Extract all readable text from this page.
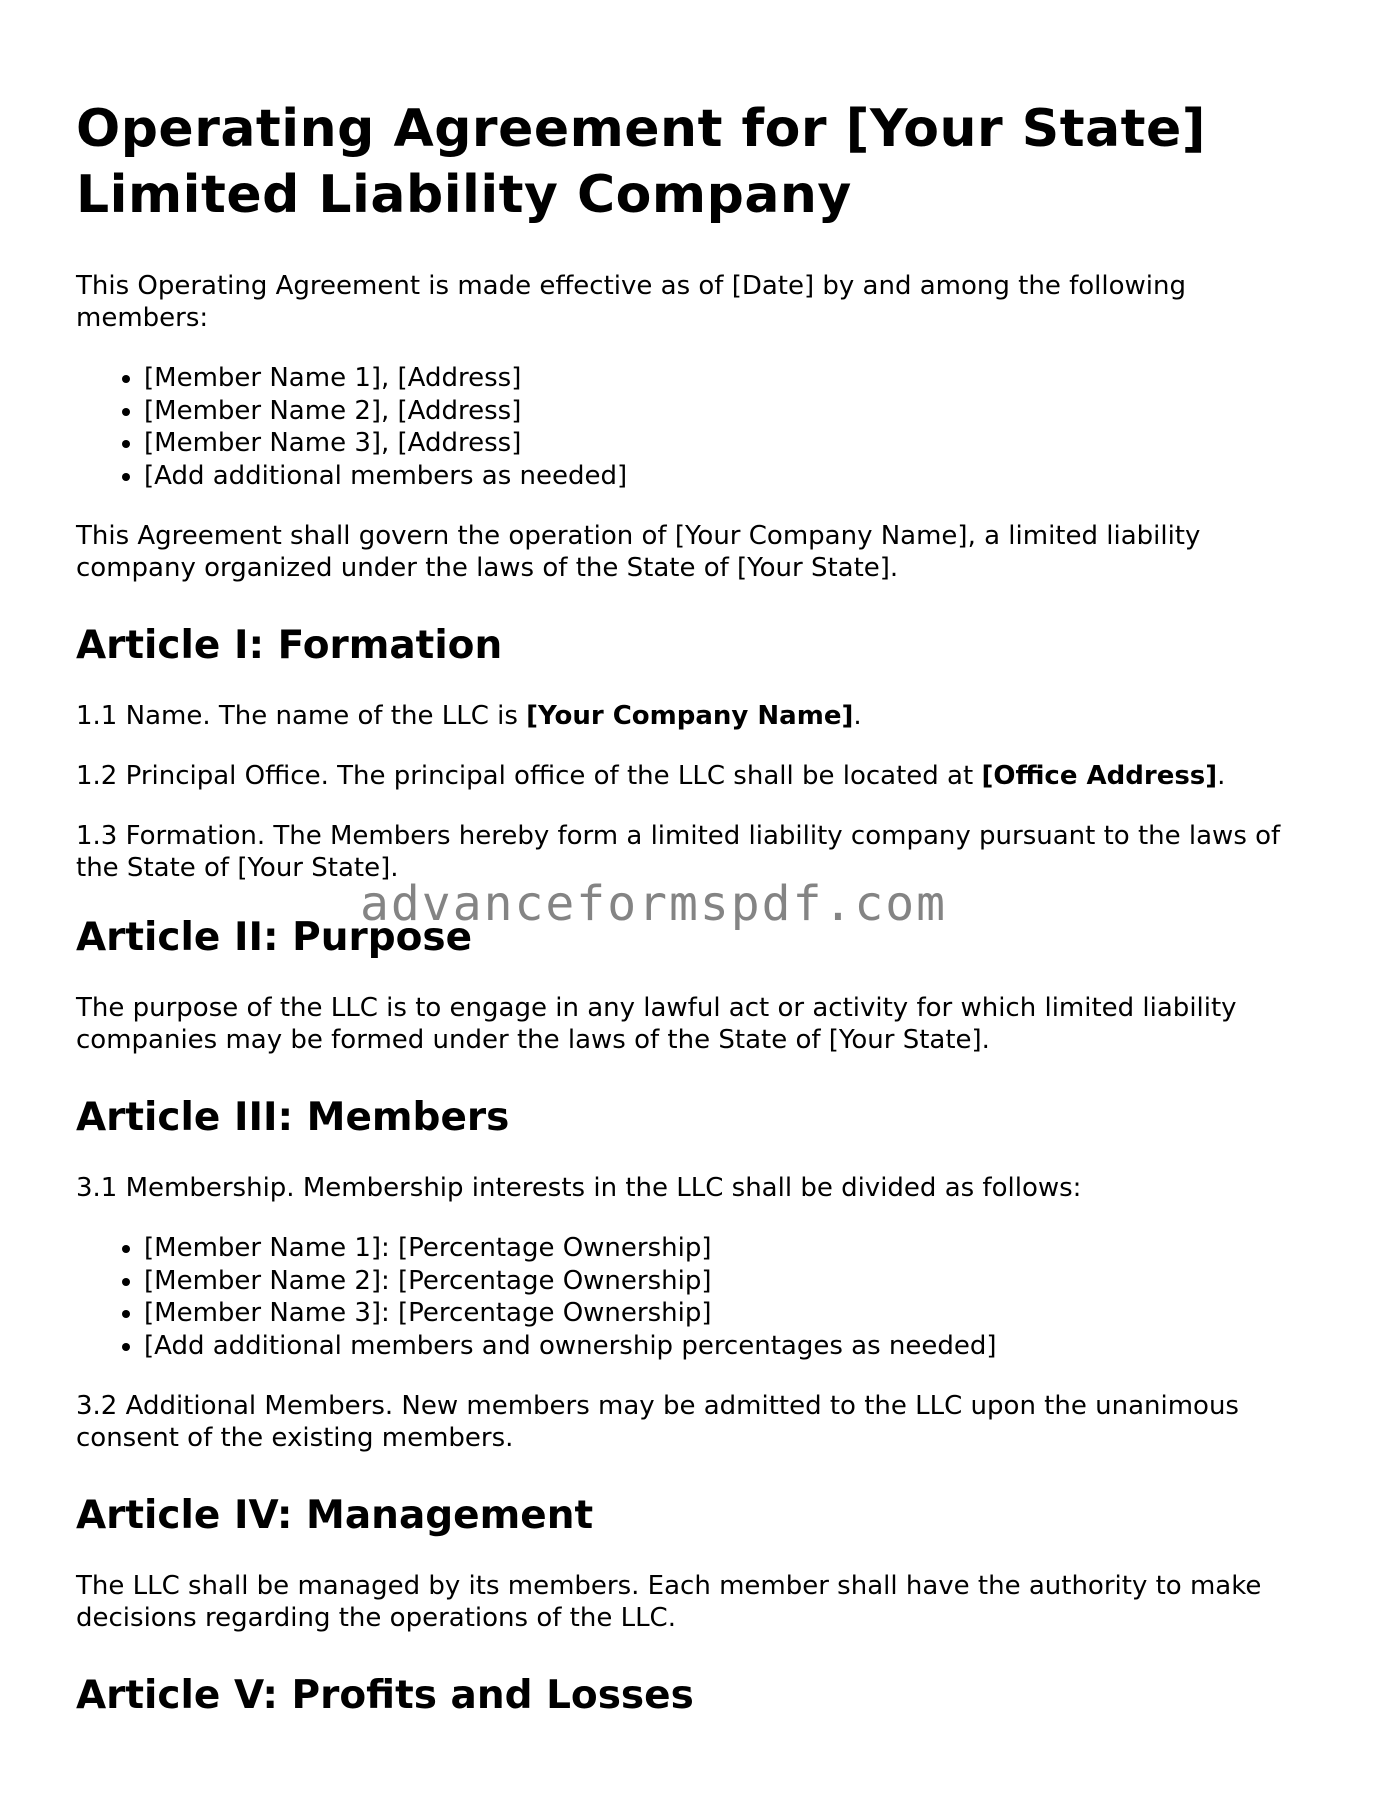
Operating Agreement for [Your State] Limited Liability Company

This Operating Agreement is made effective as of [Date] by and among the following members:

• [Member Name 1], [Address]
• [Member Name 2], [Address]
• [Member Name 3], [Address]
• [Add additional members as needed]

This Agreement shall govern the operation of [Your Company Name], a limited liability company organized under the laws of the State of [Your State].

Article I: Formation

1.1 Name. The name of the LLC is [Your Company Name].

1.2 Principal Office. The principal office of the LLC shall be located at [Office Address].

1.3 Formation. The Members hereby form a limited liability company pursuant to the laws of the State of [Your State].

Article II: Purpose

The purpose of the LLC is to engage in any lawful act or activity for which limited liability companies may be formed under the laws of the State of [Your State].

Article III: Members

3.1 Membership. Membership interests in the LLC shall be divided as follows:

• [Member Name 1]: [Percentage Ownership]
• [Member Name 2]: [Percentage Ownership]
• [Member Name 3]: [Percentage Ownership]
• [Add additional members and ownership percentages as needed]

3.2 Additional Members. New members may be admitted to the LLC upon the unanimous consent of the existing members.

Article IV: Management

The LLC shall be managed by its members. Each member shall have the authority to make decisions regarding the operations of the LLC.

Article V: Profits and Losses
advanceformspdf.com
